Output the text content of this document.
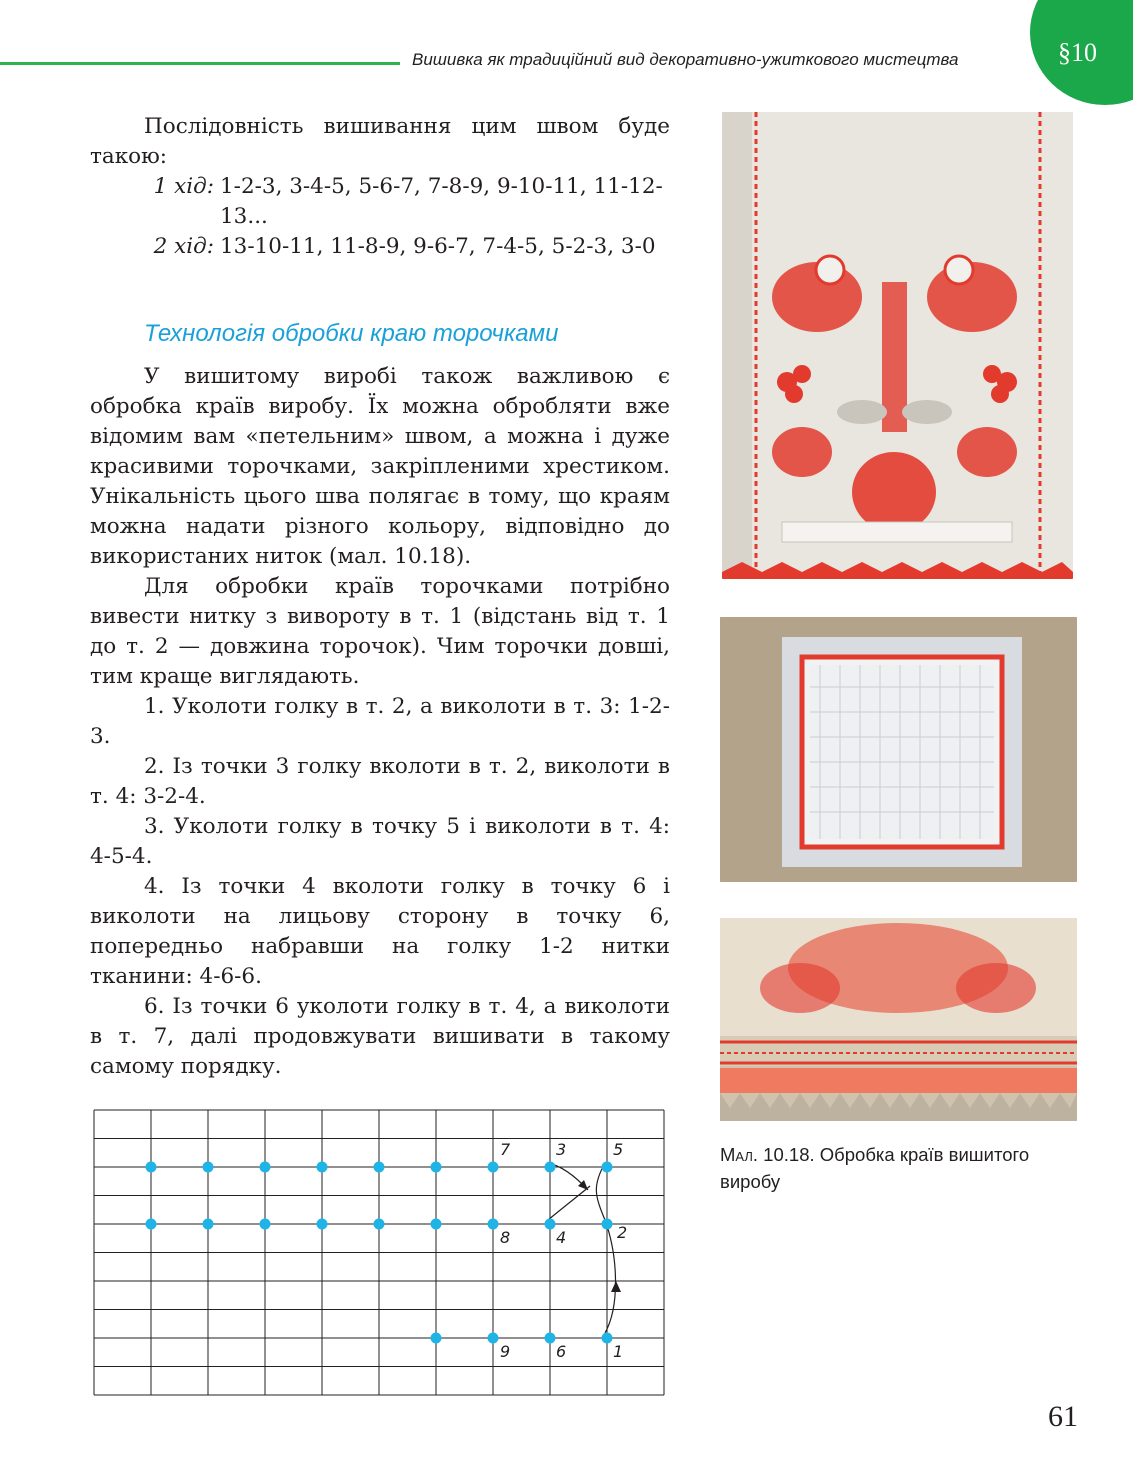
Вишивка як традиційний вид декоративно-ужиткового мистецтва	§10

Послідовність вишивання цим швом буде такою:

1 хід: 1-2-3, 3-4-5, 5-6-7, 7-8-9, 9-10-11, 11-12-13...
2 хід: 13-10-11, 11-8-9, 9-6-7, 7-4-5, 5-2-3, 3-0
Технологія обробки краю торочками

У вишитому виробі також важливою є обробка країв виробу. Їх можна обробляти вже відомим вам «петельним» швом, а можна і дуже красивими торочками, закріпленими хрестиком. Унікальність цього шва полягає в тому, що краям можна надати різного кольору, відповідно до використаних ниток (мал. 10.18).

Для обробки країв торочками потрібно вивести нитку з вивороту в т. 1 (відстань від т. 1 до т. 2 — довжина торочок). Чим торочки довші, тим краще виглядають.

1. Уколоти голку в т. 2, а виколоти в т. 3: 1-2-3.

2. Із точки 3 голку вколоти в т. 2, виколоти в т. 4: 3-2-4.

3. Уколоти голку в точку 5 і виколоти в т. 4: 4-5-4.

4. Із точки 4 вколоти голку в точку 6 і виколоти на лицьову сторону в точку 6, попередньо набравши на голку 1-2 нитки тканини: 4-6-6.

6. Із точки 6 уколоти голку в т. 4, а виколоти в т. 7, далі продовжувати вишивати в такому самому порядку.

7	3	5
8	4	2
9	6	1
Мал. 10.18. Обробка країв вишитого виробу
61
